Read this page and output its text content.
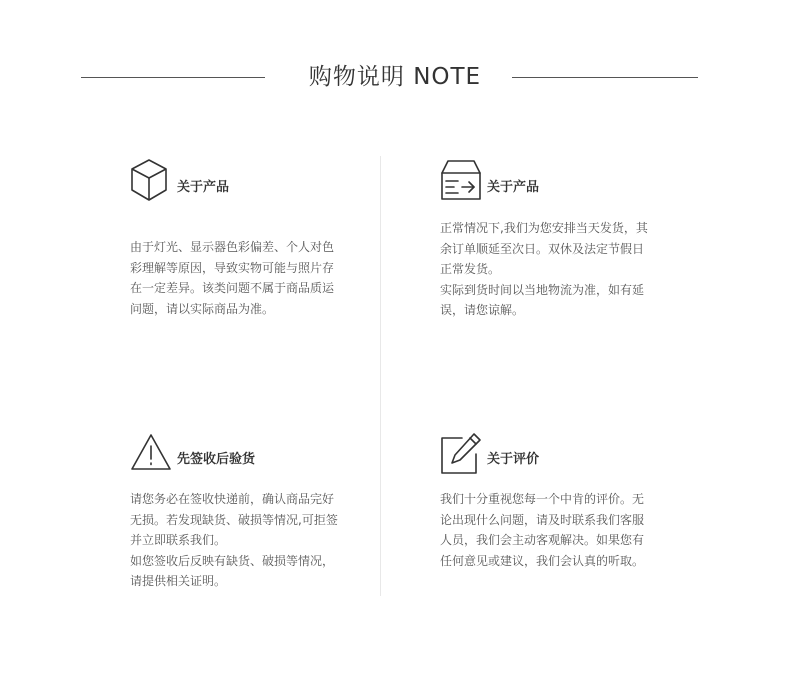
购物说明 NOTE
关于产品

由于灯光、显示器色彩偏差、个人对色彩理解等原因，导致实物可能与照片存在一定差异。该类问题不属于商品质运问题，请以实际商品为准。

关于产品

正常情况下,我们为您安排当天发货，其余订单顺延至次日。双休及法定节假日正常发货。

实际到货时间以当地物流为准，如有延误，请您谅解。

先签收后验货

请您务必在签收快递前，确认商品完好无损。若发现缺货、破损等情况,可拒签并立即联系我们。

如您签收后反映有缺货、破损等情况，请提供相关证明。

关于评价

我们十分重视您每一个中肯的评价。无论出现什么问题，请及时联系我们客服人员，我们会主动客观解决。如果您有任何意见或建议，我们会认真的听取。
